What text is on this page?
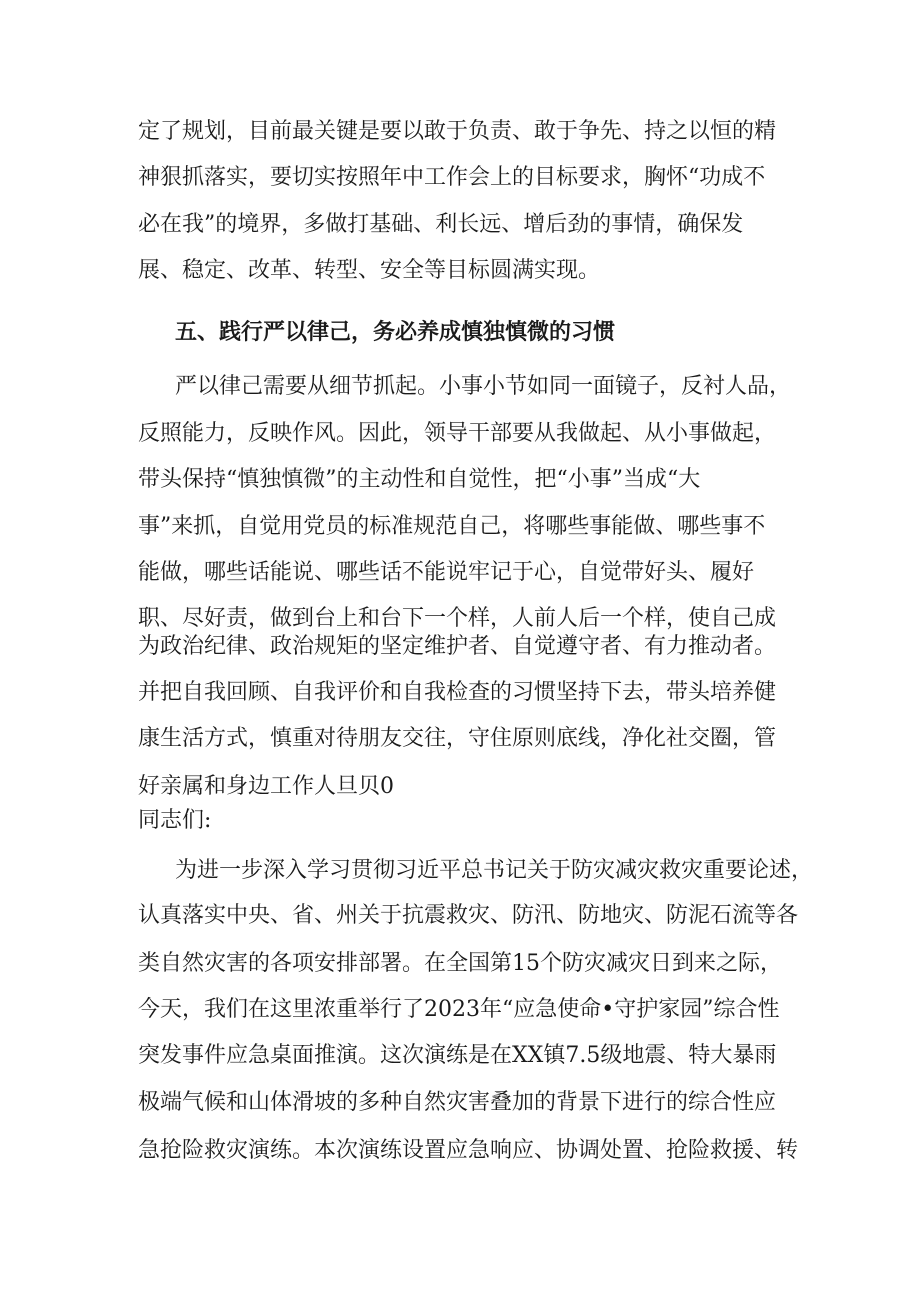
定了规划，目前最关键是要以敢于负责、敢于争先、持之以恒的精
神狠抓落实，要切实按照年中工作会上的目标要求，胸怀“功成不
必在我”的境界，多做打基础、利长远、增后劲的事情，确保发
展、稳定、改革、转型、安全等目标圆满实现。
五、践行严以律己，务必养成慎独慎微的习惯
严以律己需要从细节抓起。小事小节如同一面镜子，反衬人品，
反照能力，反映作风。因此，领导干部要从我做起、从小事做起，
带头保持“慎独慎微”的主动性和自觉性，把“小事”当成“大
事”来抓，自觉用党员的标准规范自己，将哪些事能做、哪些事不
能做，哪些话能说、哪些话不能说牢记于心，自觉带好头、履好
职、尽好责，做到台上和台下一个样，人前人后一个样，使自己成
为政治纪律、政治规矩的坚定维护者、自觉遵守者、有力推动者。
并把自我回顾、自我评价和自我检查的习惯坚持下去，带头培养健
康生活方式，慎重对待朋友交往，守住原则底线，净化社交圈，管
好亲属和身边工作人旦贝0
同志们:
为进一步深入学习贯彻习近平总书记关于防灾减灾救灾重要论述，
认真落实中央、省、州关于抗震救灾、防汛、防地灾、防泥石流等各
类自然灾害的各项安排部署。在全国第15个防灾减灾日到来之际，
今天，我们在这里浓重举行了2023年“应急使命•守护家园”综合性
突发事件应急桌面推演。这次演练是在XX镇7.5级地震、特大暴雨
极端气候和山体滑坡的多种自然灾害叠加的背景下进行的综合性应
急抢险救灾演练。本次演练设置应急响应、协调处置、抢险救援、转
